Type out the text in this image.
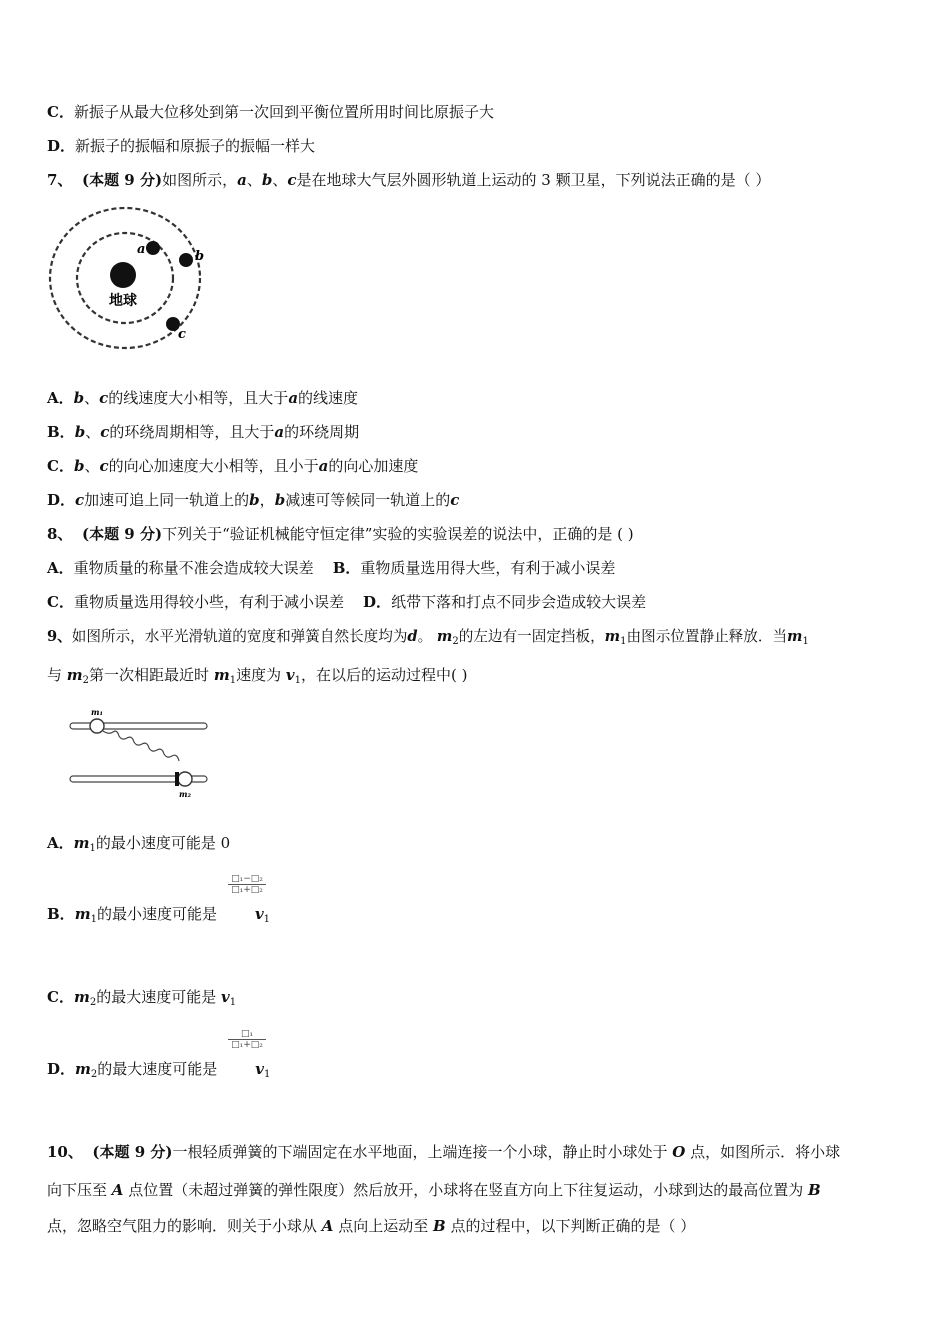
C．新振子从最大位移处到第一次回到平衡位置所用时间比原振子大
D．新振子的振幅和原振子的振幅一样大
7、 (本题 9 分)如图所示，a、b、c是在地球大气层外圆形轨道上运动的 3 颗卫星，下列说法正确的是（ ）
地球
a	b
c
A．b、c的线速度大小相等，且大于a的线速度
B．b、c的环绕周期相等，且大于a的环绕周期
C．b、c的向心加速度大小相等，且小于a的向心加速度
D．c加速可追上同一轨道上的b，b减速可等候同一轨道上的c
8、 (本题 9 分)下列关于“验证机械能守恒定律”实验的实验误差的说法中，正确的是 ( )
A．重物质量的称量不准会造成较大误差 B．重物质量选用得大些，有利于减小误差
C．重物质量选用得较小些，有利于减小误差 D．纸带下落和打点不同步会造成较大误差
9、如图所示，水平光滑轨道的宽度和弹簧自然长度均为d。 $m_2$的左边有一固定挡板，$m_1$由图示位置静止释放．当$m_1$
与 $m_2$第一次相距最近时 $m_1$速度为 $v_1$，在以后的运动过程中( )
m₁
m₂
A．$m_1$的最小速度可能是 0
□₁−□₂
□₁+□₂
B．$m_1$的最小速度可能是	$v_1$
C．$m_2$的最大速度可能是 $v_1$
□₁
□₁+□₂
D．$m_2$的最大速度可能是	$v_1$
10、 (本题 9 分)一根轻质弹簧的下端固定在水平地面，上端连接一个小球，静止时小球处于 O 点，如图所示．将小球
向下压至 A 点位置（未超过弹簧的弹性限度）然后放开，小球将在竖直方向上下往复运动，小球到达的最高位置为 B
点，忽略空气阻力的影响．则关于小球从 A 点向上运动至 B 点的过程中，以下判断正确的是（ ）
